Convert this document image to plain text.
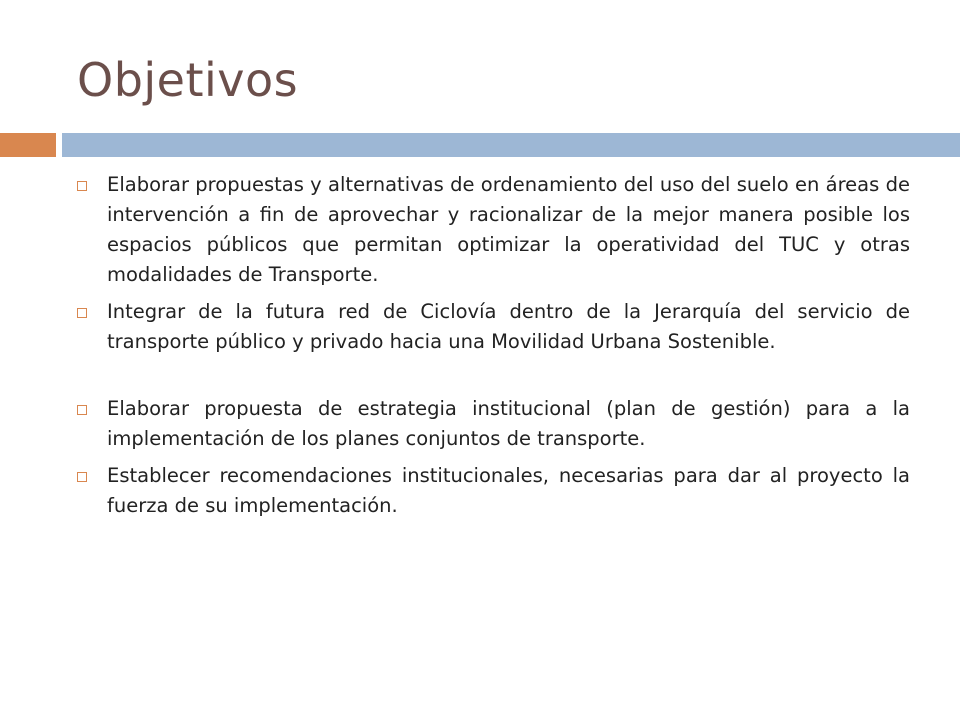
Objetivos
Elaborar propuestas y alternativas de ordenamiento del uso del suelo en áreas de intervención a fin de aprovechar y racionalizar de la mejor manera posible los espacios públicos que permitan optimizar la operatividad del TUC y otras modalidades de Transporte.
Integrar de la futura red de Ciclovía dentro de la Jerarquía del servicio de transporte público y privado hacia una Movilidad Urbana Sostenible.
Elaborar propuesta de estrategia institucional (plan de gestión) para a la implementación de los planes conjuntos de transporte.
Establecer recomendaciones institucionales, necesarias para dar al proyecto la fuerza de su implementación.
